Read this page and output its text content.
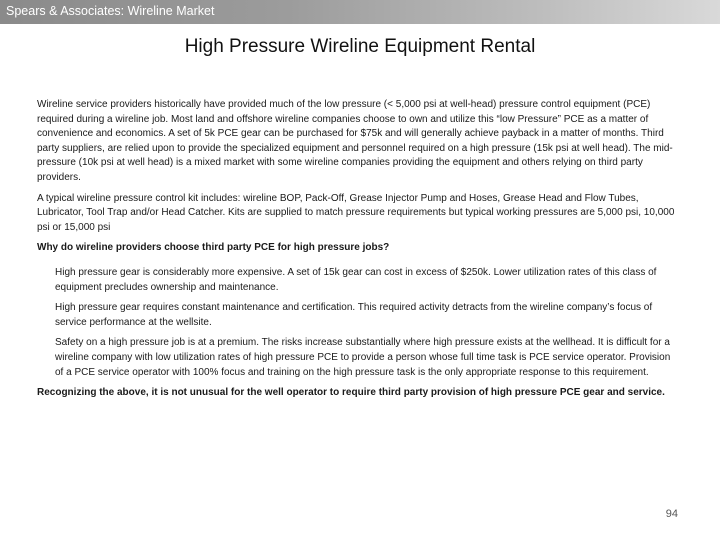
Spears & Associates: Wireline Market
High Pressure Wireline Equipment Rental

Wireline service providers historically have provided much of the low pressure (< 5,000 psi at well-head) pressure control equipment (PCE) required during a wireline job. Most land and offshore wireline companies choose to own and utilize this “low Pressure” PCE as a matter of convenience and economics. A set of 5k PCE gear can be purchased for $75k and will generally achieve payback in a matter of months. Third party suppliers, are relied upon to provide the specialized equipment and personnel required on a high pressure (15k psi at well head). The mid-pressure (10k psi at well head) is a mixed market with some wireline companies providing the equipment and others relying on third party providers.

A typical wireline pressure control kit includes: wireline BOP, Pack-Off, Grease Injector Pump and Hoses, Grease Head and Flow Tubes, Lubricator, Tool Trap and/or Head Catcher. Kits are supplied to match pressure requirements but typical working pressures are 5,000 psi, 10,000 psi or 15,000 psi

Why do wireline providers choose third party PCE for high pressure jobs?

High pressure gear is considerably more expensive. A set of 15k gear can cost in excess of $250k. Lower utilization rates of this class of equipment precludes ownership and maintenance.

High pressure gear requires constant maintenance and certification. This required activity detracts from the wireline company’s focus of service performance at the wellsite.

Safety on a high pressure job is at a premium. The risks increase substantially where high pressure exists at the wellhead. It is difficult for a wireline company with low utilization rates of high pressure PCE to provide a person whose full time task is PCE service operator. Provision of a PCE service operator with 100% focus and training on the high pressure task is the only appropriate response to this requirement.

Recognizing the above, it is not unusual for the well operator to require third party provision of high pressure PCE gear and service.

94
